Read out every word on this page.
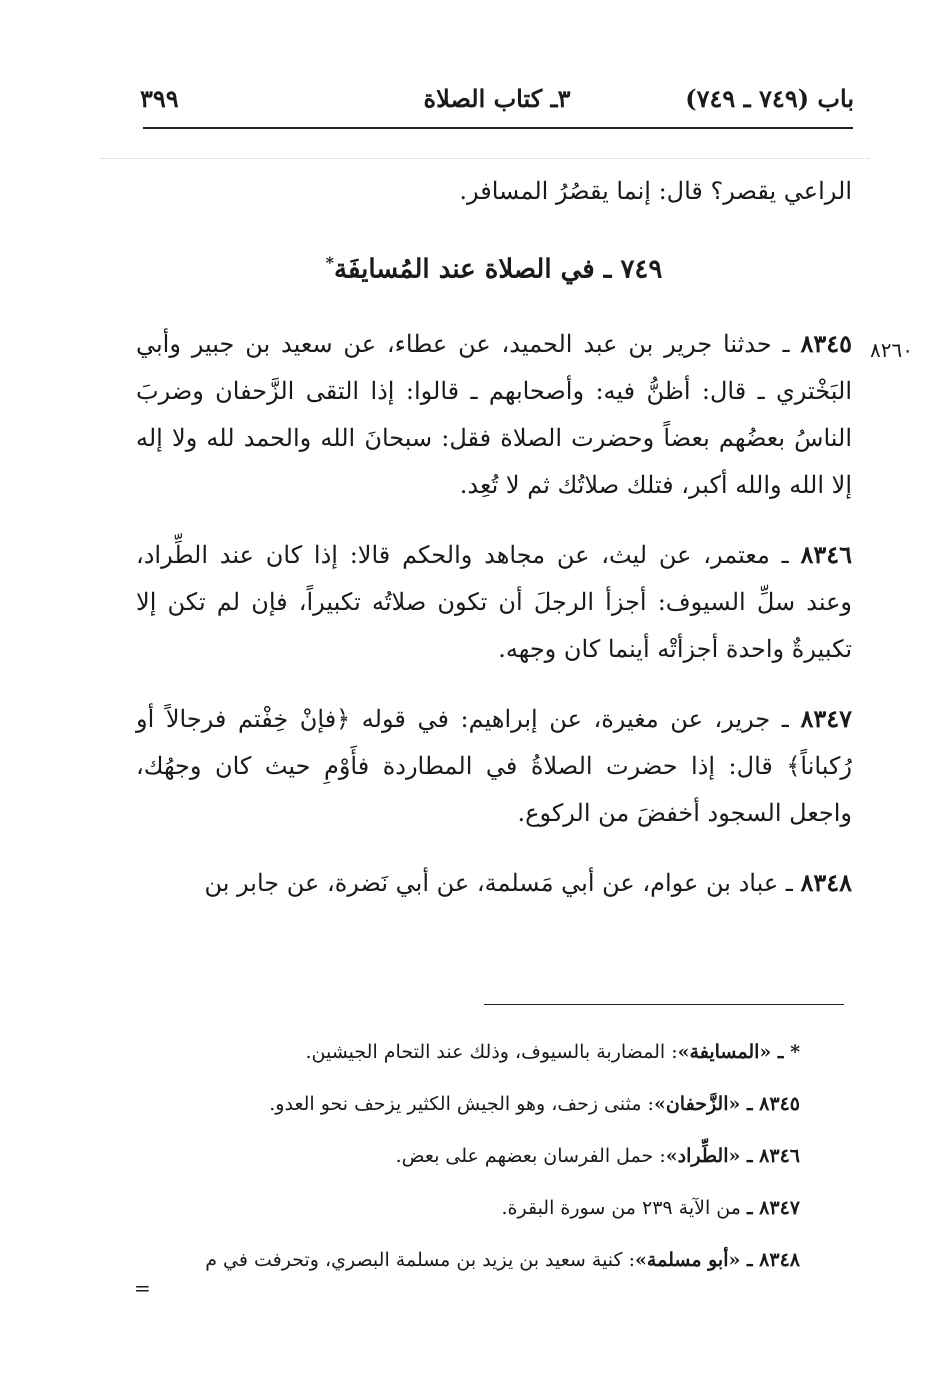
باب (٧٤٩ ـ ٧٤٩)
٣ـ كتاب الصلاة
٣٩٩
٨٢٦٠

الراعي يقصر؟ قال: إنما يقصُرُ المسافر.

٧٤٩ ـ في الصلاة عند المُسايفَة*

٨٣٤٥ ـ حدثنا جرير بن عبد الحميد، عن عطاء، عن سعيد بن جبير وأبي البَخْتري ـ قال: أظنُّ فيه: وأصحابهم ـ قالوا: إذا التقى الزَّحفان وضربَ الناسُ بعضُهم بعضاً وحضرت الصلاة فقل: سبحانَ الله والحمد لله ولا إله إلا الله والله أكبر، فتلك صلاتُك ثم لا تُعِد.

٨٣٤٦ ـ معتمر، عن ليث، عن مجاهد والحكم قالا: إذا كان عند الطِّراد، وعند سلِّ السيوف: أجزأ الرجلَ أن تكون صلاتُه تكبيراً، فإن لم تكن إلا تكبيرةٌ واحدة أجزأتْه أينما كان وجهه.

٨٣٤٧ ـ جرير، عن مغيرة، عن إبراهيم: في قوله ﴿فإنْ خِفْتم فرجالاً أو رُكباناً﴾ قال: إذا حضرت الصلاةُ في المطاردة فأَوْمِ حيث كان وجهُك، واجعل السجود أخفضَ من الركوع.

٨٣٤٨ ـ عباد بن عوام، عن أبي مَسلمة، عن أبي نَضرة، عن جابر بن

* ـ «المسايفة»: المضاربة بالسيوف، وذلك عند التحام الجيشين.

٨٣٤٥ ـ «الزَّحفان»: مثنى زحف، وهو الجيش الكثير يزحف نحو العدو.

٨٣٤٦ ـ «الطِّراد»: حمل الفرسان بعضهم على بعض.

٨٣٤٧ ـ من الآية ٢٣٩ من سورة البقرة.

٨٣٤٨ ـ «أبو مسلمة»: كنية سعيد بن يزيد بن مسلمة البصري، وتحرفت في م

=
